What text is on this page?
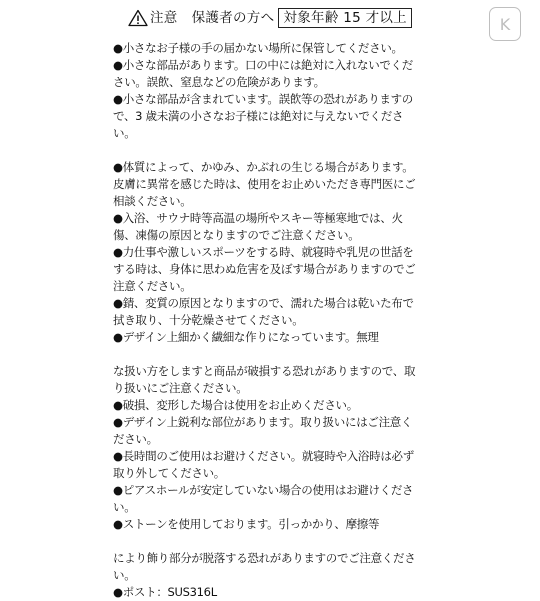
注意 保護者の方へ 対象年齢 15 才以上	K

●小さなお子様の手の届かない場所に保管してください。

●小さな部品があります。口の中には絶対に入れないでください。誤飲、窒息などの危険があります。

●小さな部品が含まれています。誤飲等の恐れがありますので、3 歳未満の小さなお子様には絶対に与えないでください。

●体質によって、かゆみ、かぶれの生じる場合があります。皮膚に異常を感じた時は、使用をお止めいただき専門医にご相談ください。

●入浴、サウナ時等高温の場所やスキー等極寒地では、火傷、凍傷の原因となりますのでご注意ください。

●力仕事や激しいスポーツをする時、就寝時や乳児の世話をする時は、身体に思わぬ危害を及ぼす場合がありますのでご注意ください。

●錆、変質の原因となりますので、濡れた場合は乾いた布で拭き取り、十分乾燥させてください。

●デザイン上細かく繊細な作りになっています。無理

な扱い方をしますと商品が破損する恐れがありますので、取り扱いにご注意ください。

●破損、変形した場合は使用をお止めください。

●デザイン上鋭利な部位があります。取り扱いにはご注意ください。

●長時間のご使用はお避けください。就寝時や入浴時は必ず取り外してください。

●ピアスホールが安定していない場合の使用はお避けください。

●ストーンを使用しております。引っかかり、摩擦等

により飾り部分が脱落する恐れがありますのでご注意ください。

●ポスト：SUS316L
